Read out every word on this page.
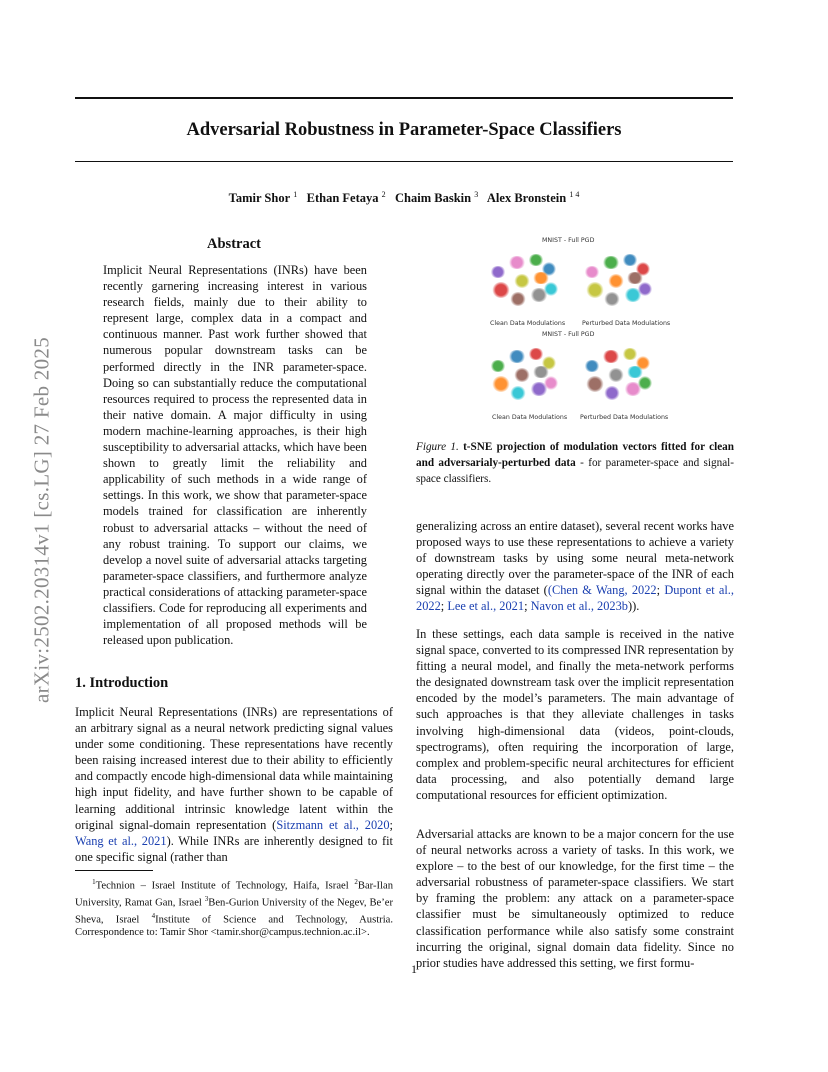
Adversarial Robustness in Parameter-Space Classifiers
Tamir Shor $^1$ Ethan Fetaya $^2$ Chaim Baskin $^3$ Alex Bronstein $^{1 4}$
arXiv:2502.20314v1 [cs.LG] 27 Feb 2025
Abstract
Implicit Neural Representations (INRs) have been recently garnering increasing interest in various research fields, mainly due to their ability to represent large, complex data in a compact and continuous manner. Past work further showed that numerous popular downstream tasks can be performed directly in the INR parameter-space. Doing so can substantially reduce the computational resources required to process the represented data in their native domain. A major difficulty in using modern machine-learning approaches, is their high susceptibility to adversarial attacks, which have been shown to greatly limit the reliability and applicability of such methods in a wide range of settings. In this work, we show that parameter-space models trained for classification are inherently robust to adversarial attacks – without the need of any robust training. To support our claims, we develop a novel suite of adversarial attacks targeting parameter-space classifiers, and furthermore analyze practical considerations of attacking parameter-space classifiers. Code for reproducing all experiments and implementation of all proposed methods will be released upon publication.
1. Introduction
Implicit Neural Representations (INRs) are representations of an arbitrary signal as a neural network predicting signal values under some conditioning. These representations have recently been raising increased interest due to their ability to efficiently and compactly encode high-dimensional data while maintaining high input fidelity, and have further shown to be capable of learning additional intrinsic knowledge latent within the original signal-domain representation (Sitzmann et al., 2020; Wang et al., 2021). While INRs are inherently designed to fit one specific signal (rather than
$^1$Technion – Israel Institute of Technology, Haifa, Israel $^2$Bar-Ilan University, Ramat Gan, Israel $^3$Ben-Gurion University of the Negev, Be’er Sheva, Israel $^4$Institute of Science and Technology, Austria. Correspondence to: Tamir Shor <tamir.shor@campus.technion.ac.il>.
MNIST - Full PGD
MNIST - Full PGD
Clean Data Modulations	Perturbed Data Modulations
Clean Data Modulations Perturbed Data Modulations
Figure 1. t-SNE projection of modulation vectors fitted for clean and adversarialy-perturbed data - for parameter-space and signal-space classifiers.
generalizing across an entire dataset), several recent works have proposed ways to use these representations to achieve a variety of downstream tasks by using some neural meta-network operating directly over the parameter-space of the INR of each signal within the dataset ((Chen & Wang, 2022; Dupont et al., 2022; Lee et al., 2021; Navon et al., 2023b)).
In these settings, each data sample is received in the native signal space, converted to its compressed INR representation by fitting a neural model, and finally the meta-network performs the designated downstream task over the implicit representation encoded by the model’s parameters. The main advantage of such approaches is that they alleviate challenges in tasks involving high-dimensional data (videos, point-clouds, spectrograms), often requiring the incorporation of large, complex and problem-specific neural architectures for efficient data processing, and also potentially demand large computational resources for efficient optimization.
Adversarial attacks are known to be a major concern for the use of neural networks across a variety of tasks. In this work, we explore – to the best of our knowledge, for the first time – the adversarial robustness of parameter-space classifiers. We start by framing the problem: any attack on a parameter-space classifier must be simultaneously optimized to reduce classification performance while also satisfy some constraint incurring the original, signal domain data fidelity. Since no prior studies have addressed this setting, we first formu-
1
